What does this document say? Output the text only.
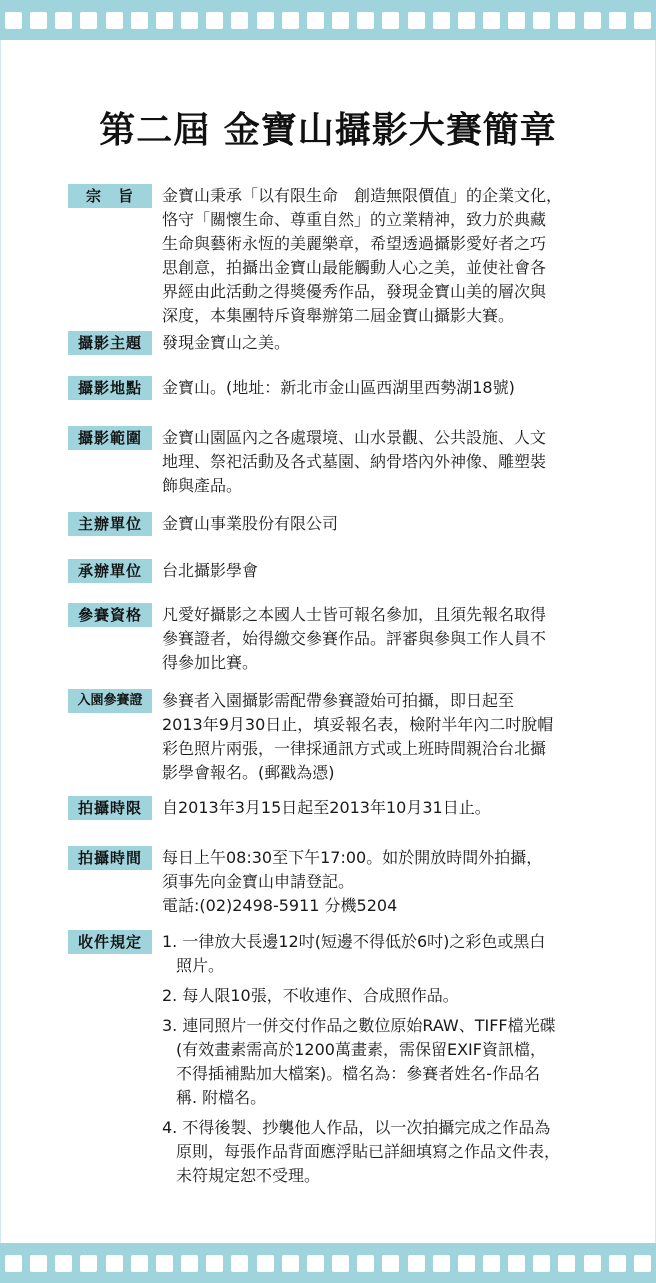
第二屆 金寶山攝影大賽簡章
宗　旨	金寶山秉承「以有限生命　創造無限價值」的企業文化，
恪守「關懷生命、尊重自然」的立業精神，致力於典藏
生命與藝術永恆的美麗樂章，希望透過攝影愛好者之巧
思創意，拍攝出金寶山最能觸動人心之美，並使社會各
界經由此活動之得獎優秀作品，發現金寶山美的層次與
深度，本集團特斥資舉辦第二屆金寶山攝影大賽。
攝影主題	發現金寶山之美。
攝影地點	金寶山。(地址：新北市金山區西湖里西勢湖18號)
攝影範圍	金寶山園區內之各處環境、山水景觀、公共設施、人文
地理、祭祀活動及各式墓園、納骨塔內外神像、雕塑裝
飾與產品。
主辦單位	金寶山事業股份有限公司
承辦單位	台北攝影學會
參賽資格	凡愛好攝影之本國人士皆可報名參加，且須先報名取得
參賽證者，始得繳交參賽作品。評審與參與工作人員不
得參加比賽。
入園參賽證	參賽者入園攝影需配帶參賽證始可拍攝，即日起至
2013年9月30日止，填妥報名表，檢附半年內二吋脫帽
彩色照片兩張，一律採通訊方式或上班時間親洽台北攝
影學會報名。(郵戳為憑)
拍攝時限	自2013年3月15日起至2013年10月31日止。
拍攝時間	每日上午08:30至下午17:00。如於開放時間外拍攝，
須事先向金寶山申請登記。
電話:(02)2498-5911 分機5204
收件規定	1. 一律放大長邊12吋(短邊不得低於6吋)之彩色或黑白
照片。
2. 每人限10張，不收連作、合成照作品。
3. 連同照片一併交付作品之數位原始RAW、TIFF檔光碟
(有效畫素需高於1200萬畫素，需保留EXIF資訊檔，
不得插補點加大檔案)。檔名為：參賽者姓名-作品名
稱. 附檔名。
4. 不得後製、抄襲他人作品，以一次拍攝完成之作品為
原則，每張作品背面應浮貼已詳細填寫之作品文件表，
未符規定恕不受理。
